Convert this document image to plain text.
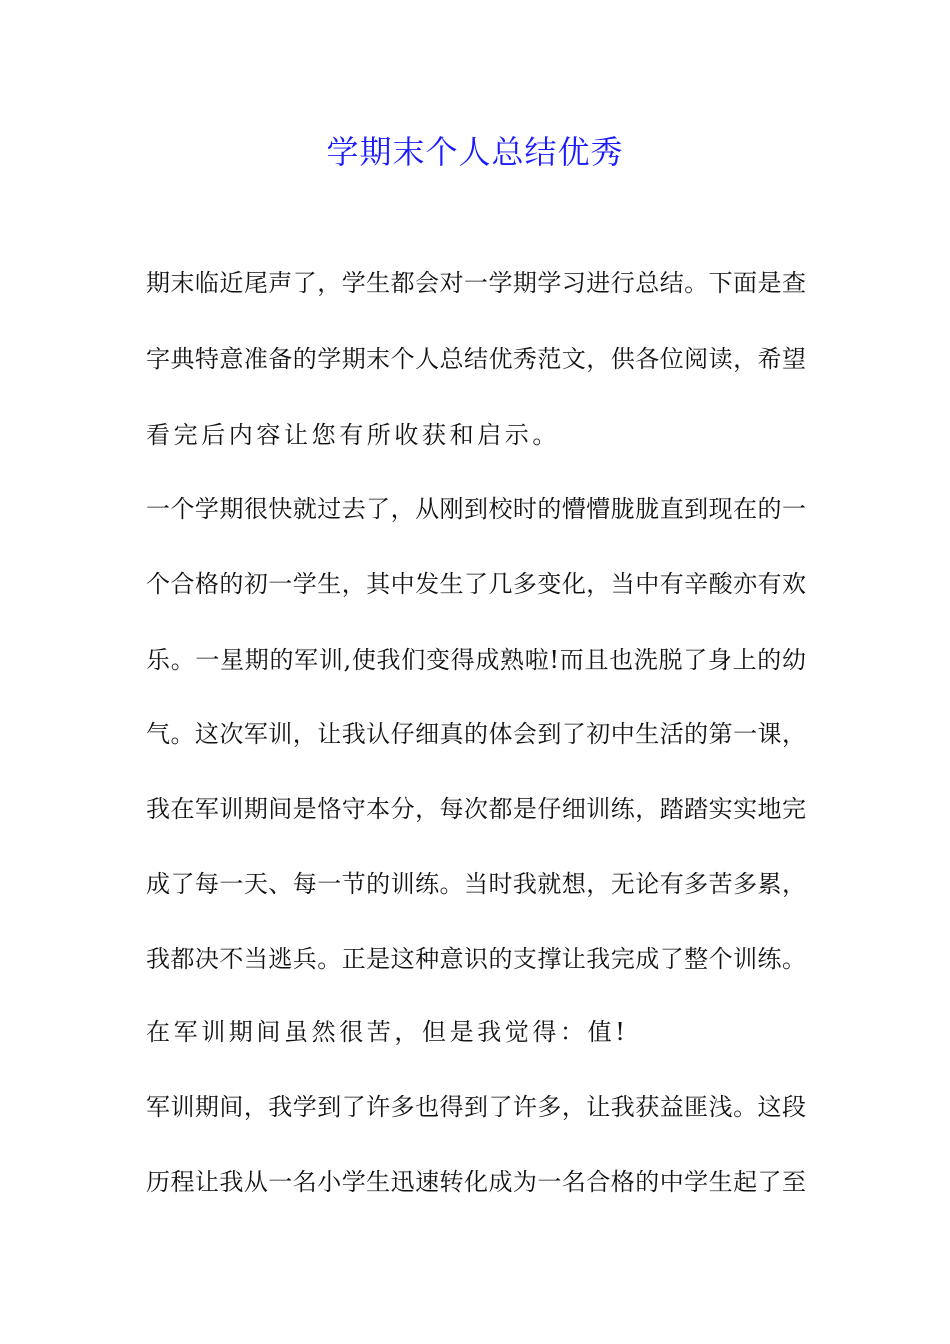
学期末个人总结优秀
期末临近尾声了，学生都会对一学期学习进行总结。下面是查
字典特意准备的学期末个人总结优秀范文，供各位阅读，希望
看完后内容让您有所收获和启示。
一个学期很快就过去了，从刚到校时的懵懵胧胧直到现在的一
个合格的初一学生，其中发生了几多变化，当中有辛酸亦有欢
乐。一星期的军训,使我们变得成熟啦!而且也洗脱了身上的幼
气。这次军训，让我认仔细真的体会到了初中生活的第一课，
我在军训期间是恪守本分，每次都是仔细训练，踏踏实实地完
成了每一天、每一节的训练。当时我就想，无论有多苦多累，
我都决不当逃兵。正是这种意识的支撑让我完成了整个训练。
在军训期间虽然很苦，但是我觉得：值!
军训期间，我学到了许多也得到了许多，让我获益匪浅。这段
历程让我从一名小学生迅速转化成为一名合格的中学生起了至
